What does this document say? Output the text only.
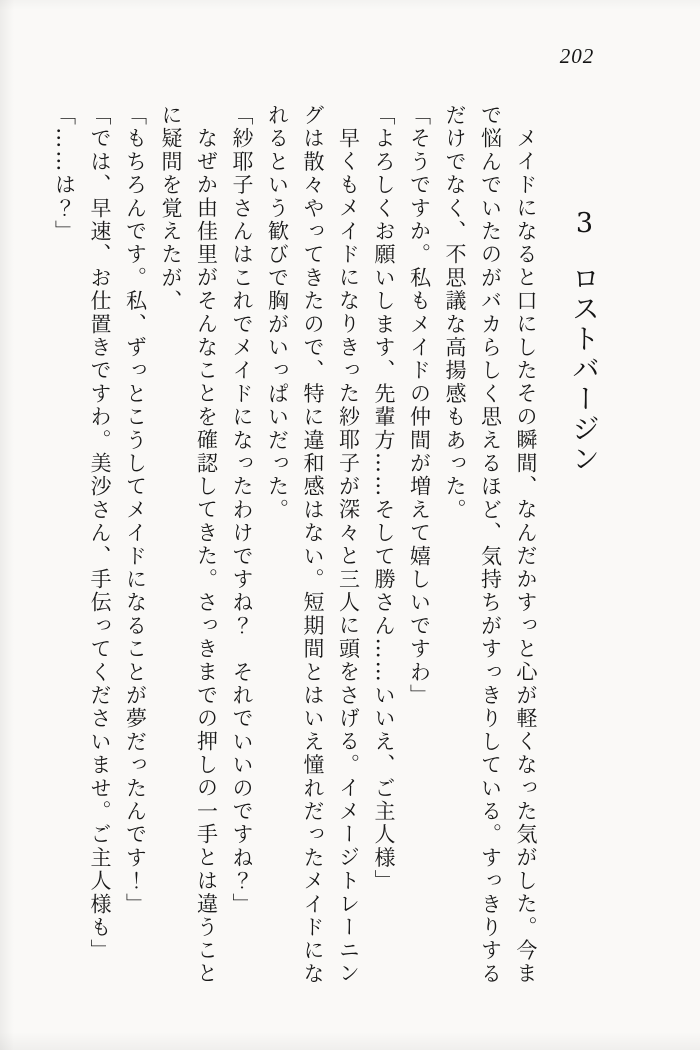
202
3ロストバージン

メイドになると口にしたその瞬間、なんだかすっと心が軽くなった気がした。今まで悩んでいたのがバカらしく思えるほど、気持ちがすっきりしている。すっきりするだけでなく、不思議な高揚感もあった。

「そうですか。私もメイドの仲間が増えて嬉しいですわ」

「よろしくお願いします、先輩方……そして勝さん……いいえ、ご主人様」

早くもメイドになりきった紗耶子が深々と三人に頭をさげる。イメージトレーニングは散々やってきたので、特に違和感はない。短期間とはいえ憧れだったメイドになれるという歓びで胸がいっぱいだった。

「紗耶子さんはこれでメイドになったわけですね？　それでいいのですね？」

なぜか由佳里がそんなことを確認してきた。さっきまでの押しの一手とは違うことに疑問を覚えたが、

「もちろんです。私、ずっとこうしてメイドになることが夢だったんです！」

「では、早速、お仕置きですわ。美沙さん、手伝ってくださいませ。ご主人様も」

「……は？」
